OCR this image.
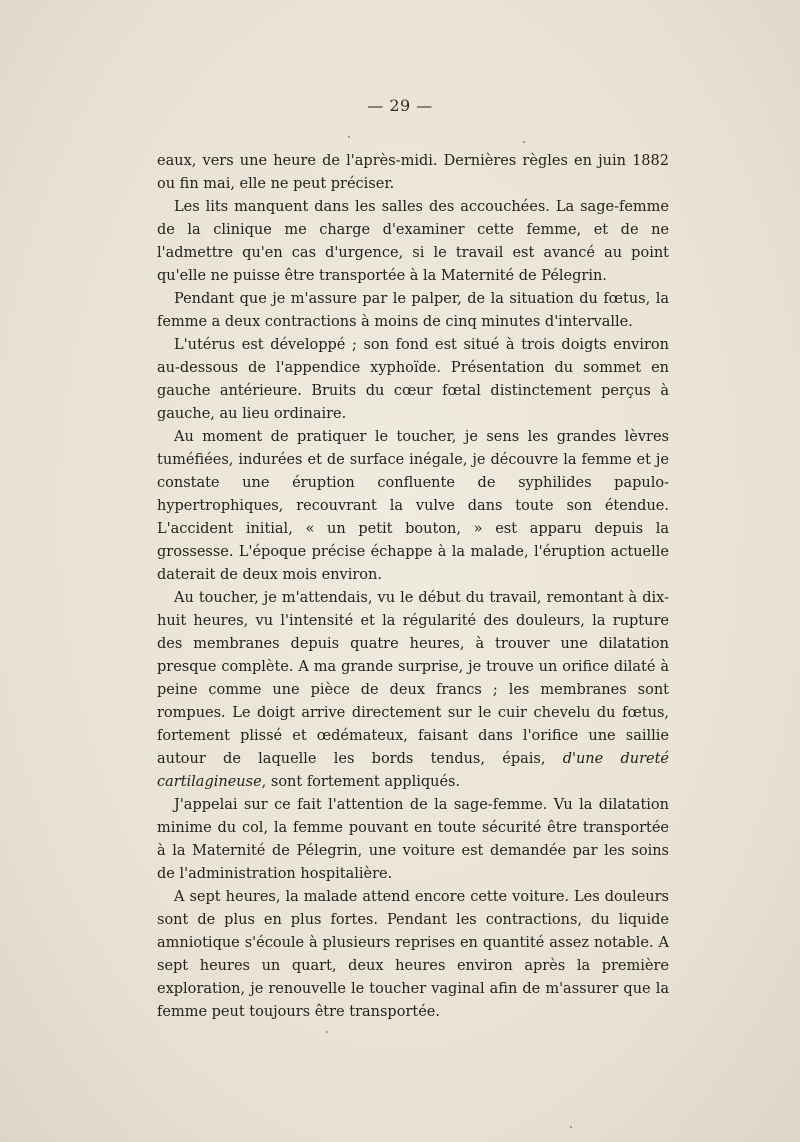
— 29 —

eaux, vers une heure de l'après-midi. Dernières règles en juin 1882 ou fin mai, elle ne peut préciser.

Les lits manquent dans les salles des accouchées. La sage-femme de la clinique me charge d'examiner cette femme, et de ne l'admettre qu'en cas d'urgence, si le travail est avancé au point qu'elle ne puisse être transportée à la Maternité de Pélegrin.

Pendant que je m'assure par le palper, de la situation du fœtus, la femme a deux contractions à moins de cinq minutes d'intervalle.

L'utérus est développé ; son fond est situé à trois doigts environ au-dessous de l'appendice xyphoïde. Présentation du sommet en gauche antérieure. Bruits du cœur fœtal distinctement perçus à gauche, au lieu ordinaire.

Au moment de pratiquer le toucher, je sens les grandes lèvres tuméfiées, indurées et de surface inégale, je découvre la femme et je constate une éruption confluente de syphilides papulo-hypertrophiques, recouvrant la vulve dans toute son étendue. L'accident initial, « un petit bouton, » est apparu depuis la grossesse. L'époque précise échappe à la malade, l'éruption actuelle daterait de deux mois environ.

Au toucher, je m'attendais, vu le début du travail, remontant à dix-huit heures, vu l'intensité et la régularité des douleurs, la rupture des membranes depuis quatre heures, à trouver une dilatation presque complète. A ma grande surprise, je trouve un orifice dilaté à peine comme une pièce de deux francs ; les membranes sont rompues. Le doigt arrive directement sur le cuir chevelu du fœtus, fortement plissé et œdémateux, faisant dans l'orifice une saillie autour de laquelle les bords tendus, épais, d'une dureté cartilagineuse, sont fortement appliqués.

J'appelai sur ce fait l'attention de la sage-femme. Vu la dilatation minime du col, la femme pouvant en toute sécurité être transportée à la Maternité de Pélegrin, une voiture est demandée par les soins de l'administration hospitalière.

A sept heures, la malade attend encore cette voiture. Les douleurs sont de plus en plus fortes. Pendant les contractions, du liquide amniotique s'écoule à plusieurs reprises en quantité assez notable. A sept heures un quart, deux heures environ après la première exploration, je renouvelle le toucher vaginal afin de m'assurer que la femme peut toujours être transportée.
